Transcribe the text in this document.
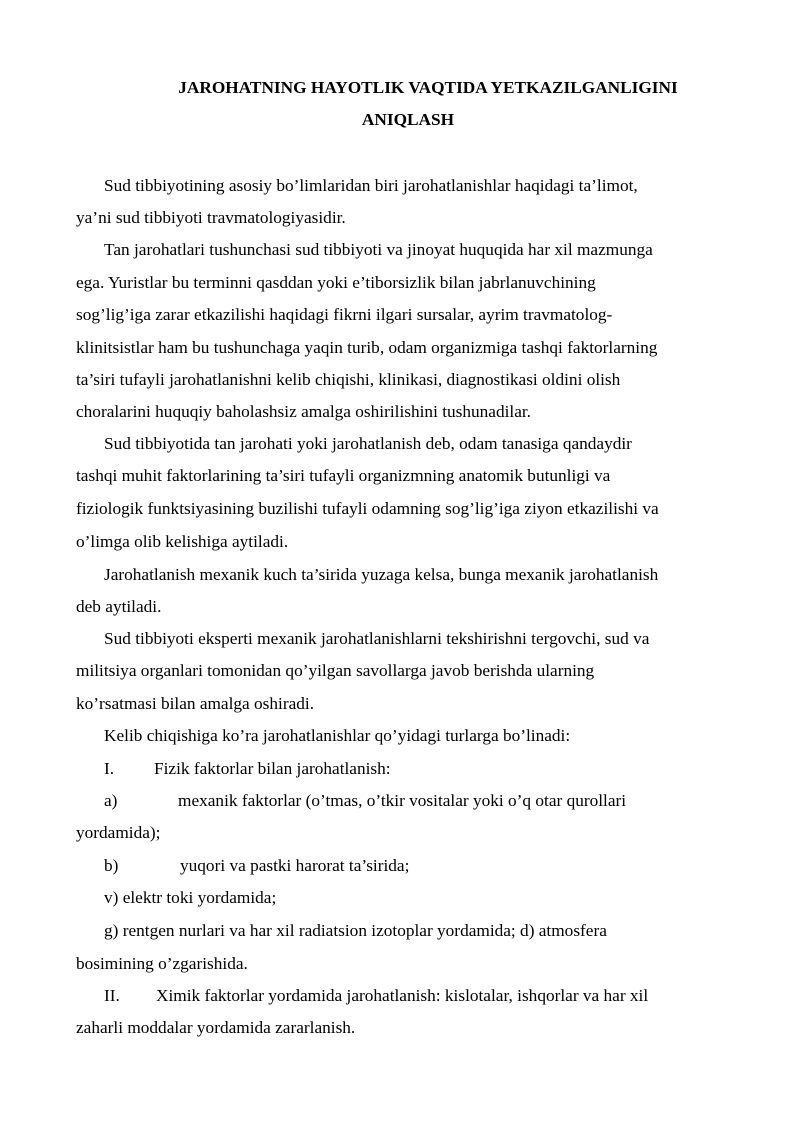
JAROHATNING HAYOTLIK VAQTIDA YETKAZILGANLIGINI
ANIQLASH
Sud tibbiyotining asosiy bo’limlaridan biri jarohatlanishlar haqidagi ta’limot,
ya’ni sud tibbiyoti travmatologiyasidir.
Tan jarohatlari tushunchasi sud tibbiyoti va jinoyat huquqida har xil mazmunga
ega. Yuristlar bu terminni qasddan yoki e’tiborsizlik bilan jabrlanuvchining
sog’lig’iga zarar etkazilishi haqidagi fikrni ilgari sursalar, ayrim travmatolog-
klinitsistlar ham bu tushunchaga yaqin turib, odam organizmiga tashqi faktorlarning
ta’siri tufayli jarohatlanishni kelib chiqishi, klinikasi, diagnostikasi oldini olish
choralarini huquqiy baholashsiz amalga oshirilishini tushunadilar.
Sud tibbiyotida tan jarohati yoki jarohatlanish deb, odam tanasiga qandaydir
tashqi muhit faktorlarining ta’siri tufayli organizmning anatomik butunligi va
fiziologik funktsiyasining buzilishi tufayli odamning sog’lig’iga ziyon etkazilishi va
o’limga olib kelishiga aytiladi.
Jarohatlanish mexanik kuch ta’sirida yuzaga kelsa, bunga mexanik jarohatlanish
deb aytiladi.
Sud tibbiyoti eksperti mexanik jarohatlanishlarni tekshirishni tergovchi, sud va
militsiya organlari tomonidan qo’yilgan savollarga javob berishda ularning
ko’rsatmasi bilan amalga oshiradi.
Kelib chiqishiga ko’ra jarohatlanishlar qo’yidagi turlarga bo’linadi:
I. Fizik faktorlar bilan jarohatlanish:
a)	mexanik faktorlar (o’tmas, o’tkir vositalar yoki o’q otar qurollari
yordamida);
b)	yuqori va pastki harorat ta’sirida;
v) elektr toki yordamida;
g) rentgen nurlari va har xil radiatsion izotoplar yordamida; d) atmosfera
bosimining o’zgarishida.
II. Ximik faktorlar yordamida jarohatlanish: kislotalar, ishqorlar va har xil
zaharli moddalar yordamida zararlanish.
